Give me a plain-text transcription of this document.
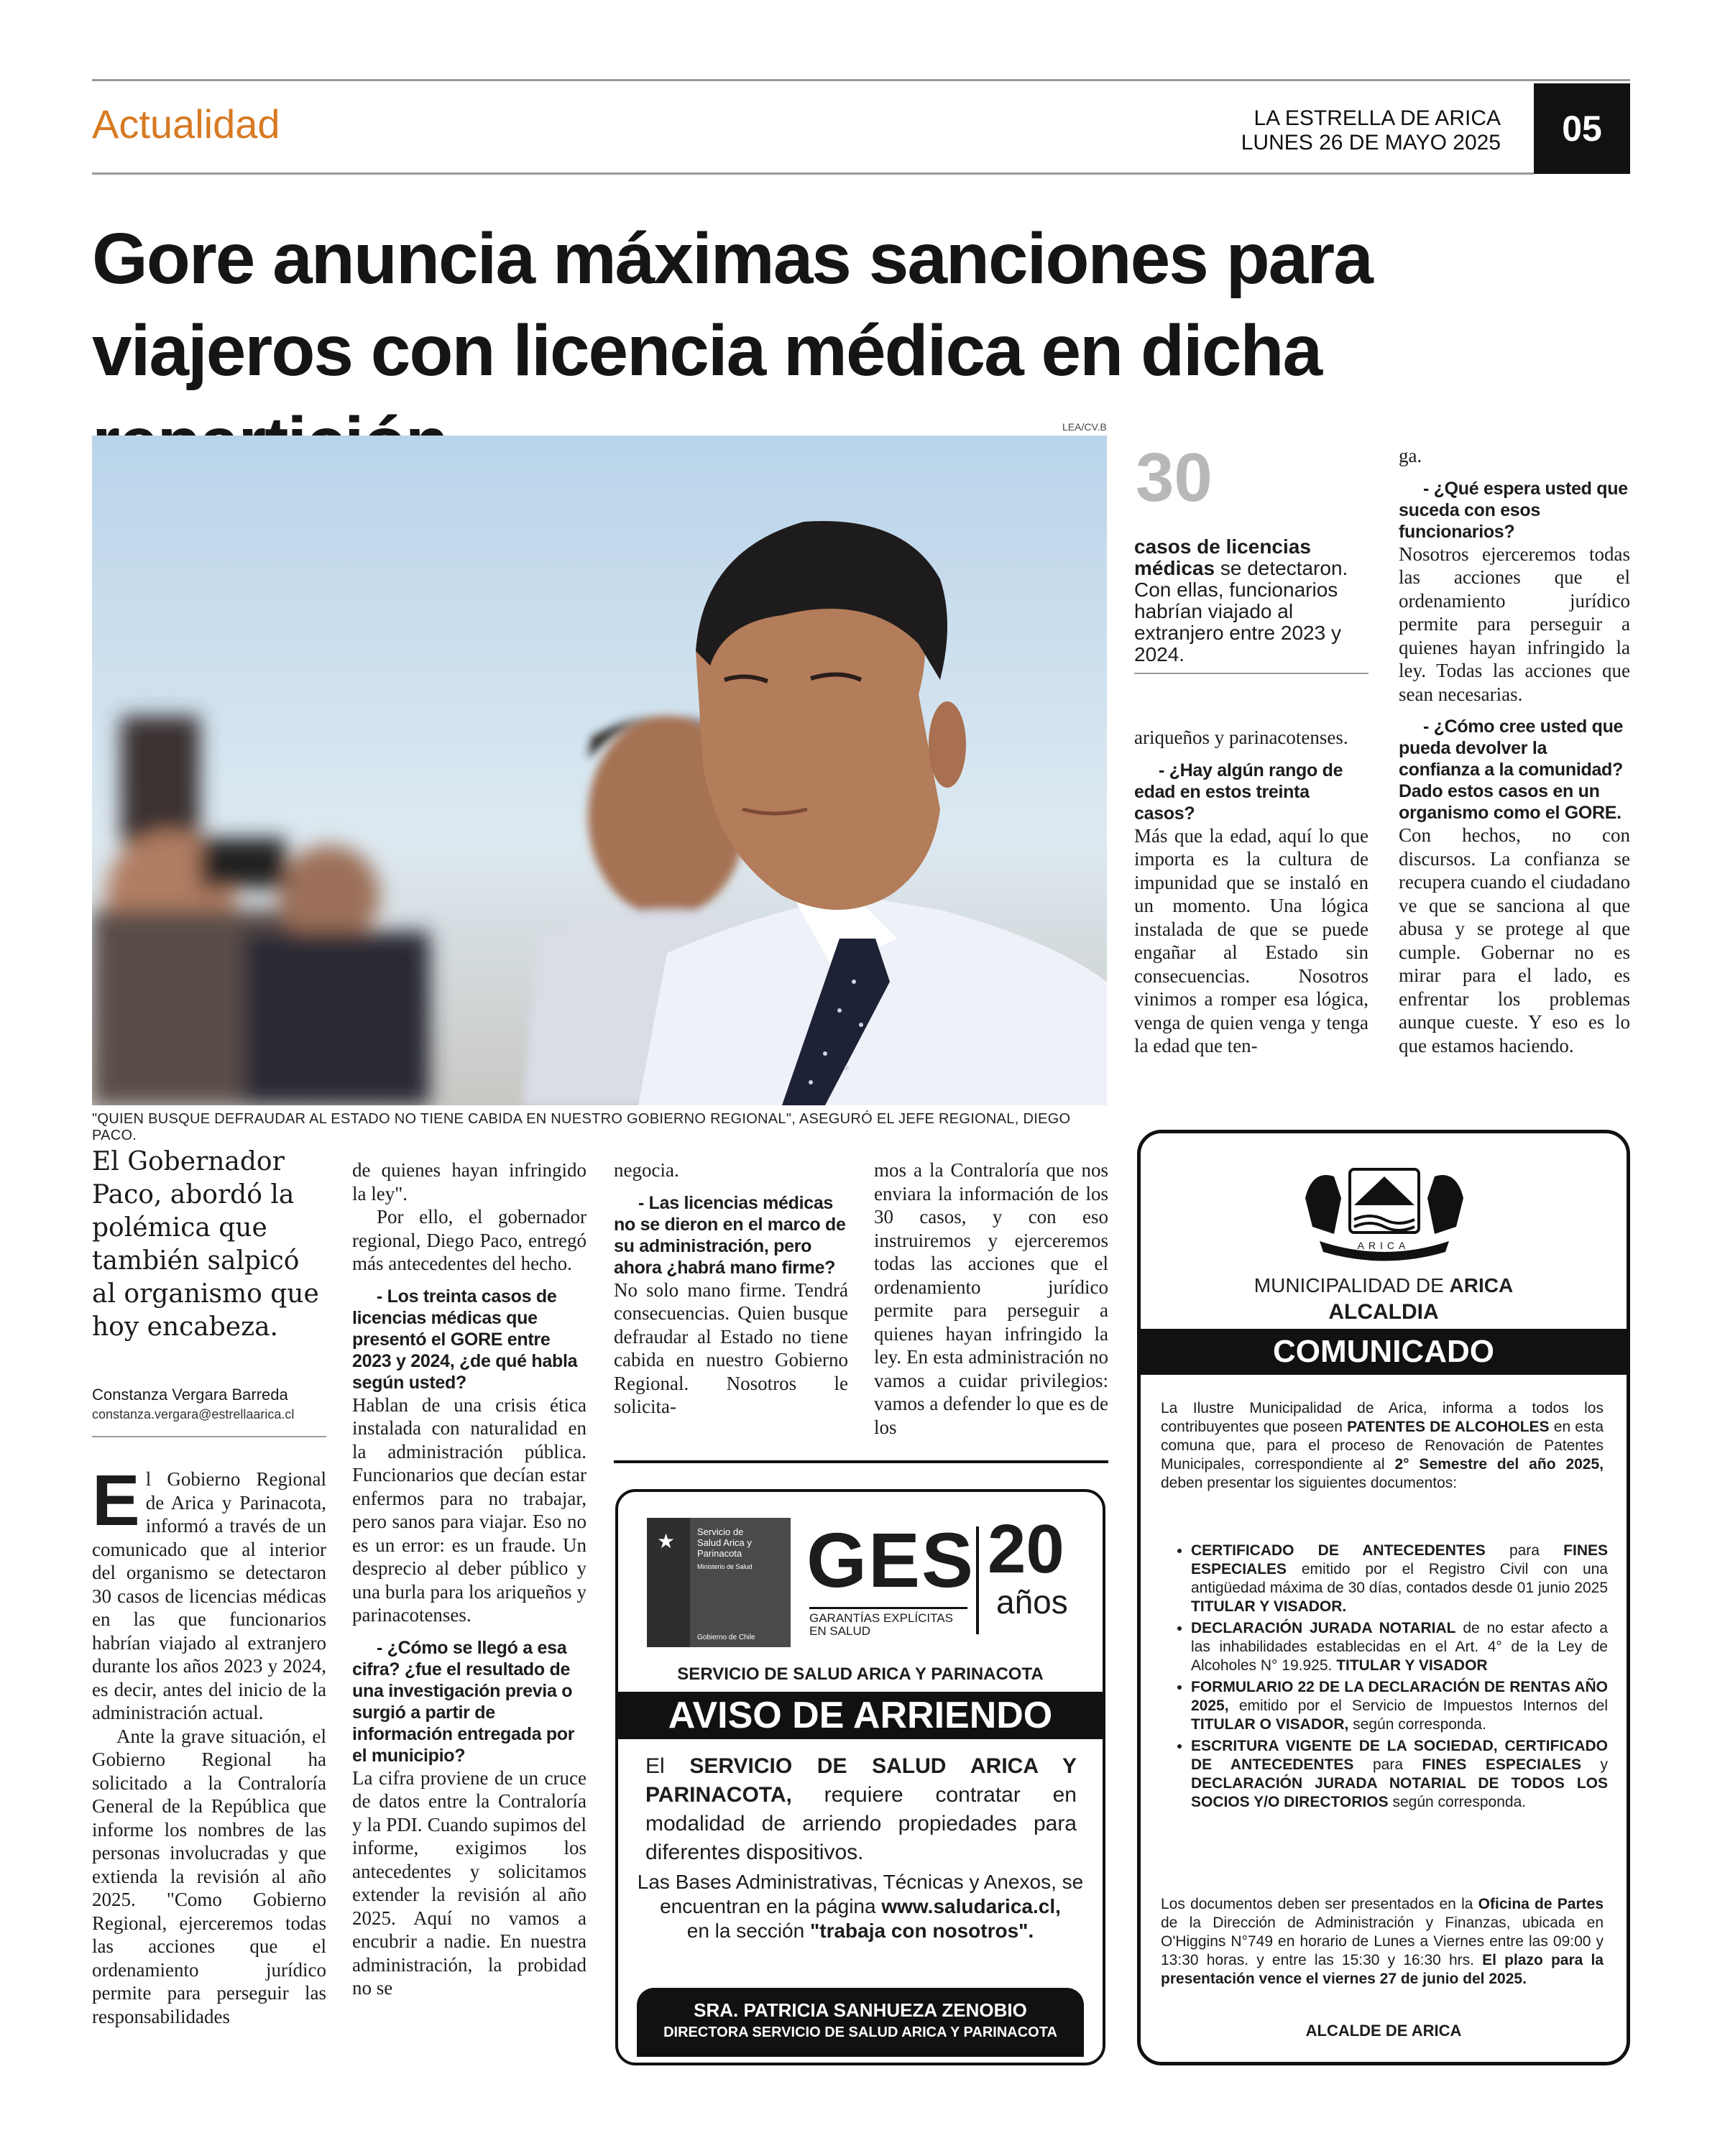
Actualidad	LA ESTRELLA DE ARICA
LUNES 26 DE MAYO 2025	05
Gore anuncia máximas sanciones para viajeros con licencia médica en dicha
LEA/CV.B
"QUIEN BUSQUE DEFRAUDAR AL ESTADO NO TIENE CABIDA EN NUESTRO GOBIERNO REGIONAL", ASEGURÓ EL JEFE REGIONAL, DIEGO PACO.
30
casos de licencias médicas se detectaron. Con ellas, funcionarios habrían viajado al extranjero entre 2023 y 2024.

ariqueños y parinacotenses.

- ¿Hay algún rango de edad en estos treinta casos?

Más que la edad, aquí lo que importa es la cultura de impunidad que se instaló en un momento. Una lógica instalada de que se puede engañar al Estado sin consecuencias. Nosotros vinimos a romper esa lógica, venga de quien venga y tenga la edad que ten-

ga.

- ¿Qué espera usted que suceda con esos funcionarios?

Nosotros ejerceremos todas las acciones que el ordenamiento jurídico permite para perseguir a quienes hayan infringido la ley. Todas las acciones que sean necesarias.

- ¿Cómo cree usted que pueda devolver la confianza a la comunidad? Dado estos casos en un organismo como el GORE.

Con hechos, no con discursos. La confianza se recupera cuando el ciudadano ve que se sanciona al que abusa y se protege al que cumple. Gobernar no es mirar para el lado, es enfrentar los problemas aunque cueste. Y eso es lo que estamos haciendo.

El Gobernador Paco, abordó la polémica que también salpicó al organismo que hoy encabeza.
Constanza Vergara Barreda
constanza.vergara@estrellaarica.cl

El Gobierno Regional de Arica y Parinacota, informó a través de un comunicado que al interior del organismo se detectaron 30 casos de licencias médicas en las que funcionarios habrían viajado al extranjero durante los años 2023 y 2024, es decir, antes del inicio de la administración actual.

Ante la grave situación, el Gobierno Regional ha solicitado a la Contraloría General de la República que informe los nombres de las personas involucradas y que extienda la revisión al año 2025. "Como Gobierno Regional, ejerceremos todas las acciones que el ordenamiento jurídico permite para perseguir las responsabilidades

de quienes hayan infringido la ley".

Por ello, el gobernador regional, Diego Paco, entregó más antecedentes del hecho.

- Los treinta casos de licencias médicas que presentó el GORE entre 2023 y 2024, ¿de qué habla según usted?

Hablan de una crisis ética instalada con naturalidad en la administración pública. Funcionarios que decían estar enfermos para no trabajar, pero sanos para viajar. Eso no es un error: es un fraude. Un desprecio al deber público y una burla para los ariqueños y parinacotenses.

- ¿Cómo se llegó a esa cifra? ¿fue el resultado de una investigación previa o surgió a partir de información entregada por el municipio?

La cifra proviene de un cruce de datos entre la Contraloría y la PDI. Cuando supimos del informe, exigimos los antecedentes y solicitamos extender la revisión al año 2025. Aquí no vamos a encubrir a nadie. En nuestra administración, la probidad no se

negocia.

- Las licencias médicas no se dieron en el marco de su administración, pero ahora ¿habrá mano firme?

No solo mano firme. Tendrá consecuencias. Quien busque defraudar al Estado no tiene cabida en nuestro Gobierno Regional. Nosotros le solicita-

mos a la Contraloría que nos enviara la información de los 30 casos, y con eso instruiremos y ejerceremos todas las acciones que el ordenamiento jurídico permite para perseguir a quienes hayan infringido la ley. En esta administración no vamos a cuidar privilegios: vamos a defender lo que es de los

★ Servicio de
Salud Arica y
Parinacota
Ministerio de Salud
Gobierno de Chile
GES
GARANTÍAS EXPLÍCITAS EN SALUD
20
años
SERVICIO DE SALUD ARICA Y PARINACOTA
AVISO DE ARRIENDO
El SERVICIO DE SALUD ARICA Y PARINACOTA, requiere contratar en modalidad de arriendo propiedades para diferentes dispositivos.
Las Bases Administrativas, Técnicas y Anexos, se
encuentran en la página www.saludarica.cl,
en la sección "trabaja con nosotros".
SRA. PATRICIA SANHUEZA ZENOBIO
DIRECTORA SERVICIO DE SALUD ARICA Y PARINACOTA
ARICA
MUNICIPALIDAD DE ARICA
ALCALDIA
COMUNICADO
La Ilustre Municipalidad de Arica, informa a todos los contribuyentes que poseen PATENTES DE ALCOHOLES en esta comuna que, para el proceso de Renovación de Patentes Municipales, correspondiente al 2° Semestre del año 2025, deben presentar los siguientes documentos:
• CERTIFICADO DE ANTECEDENTES para FINES ESPECIALES emitido por el Registro Civil con una antigüedad máxima de 30 días, contados desde 01 junio 2025 TITULAR Y VISADOR.
• DECLARACIÓN JURADA NOTARIAL de no estar afecto a las inhabilidades establecidas en el Art. 4° de la Ley de Alcoholes N° 19.925. TITULAR Y VISADOR
• FORMULARIO 22 DE LA DECLARACIÓN DE RENTAS AÑO 2025, emitido por el Servicio de Impuestos Internos del TITULAR O VISADOR, según corresponda.
• ESCRITURA VIGENTE DE LA SOCIEDAD, CERTIFICADO DE ANTECEDENTES para FINES ESPECIALES y DECLARACIÓN JURADA NOTARIAL DE TODOS LOS SOCIOS Y/O DIRECTORIOS según corresponda.
Los documentos deben ser presentados en la Oficina de Partes de la Dirección de Administración y Finanzas, ubicada en O'Higgins N°749 en horario de Lunes a Viernes entre las 09:00 y 13:30 horas. y entre las 15:30 y 16:30 hrs. El plazo para la presentación vence el viernes 27 de junio del 2025.
ALCALDE DE ARICA
